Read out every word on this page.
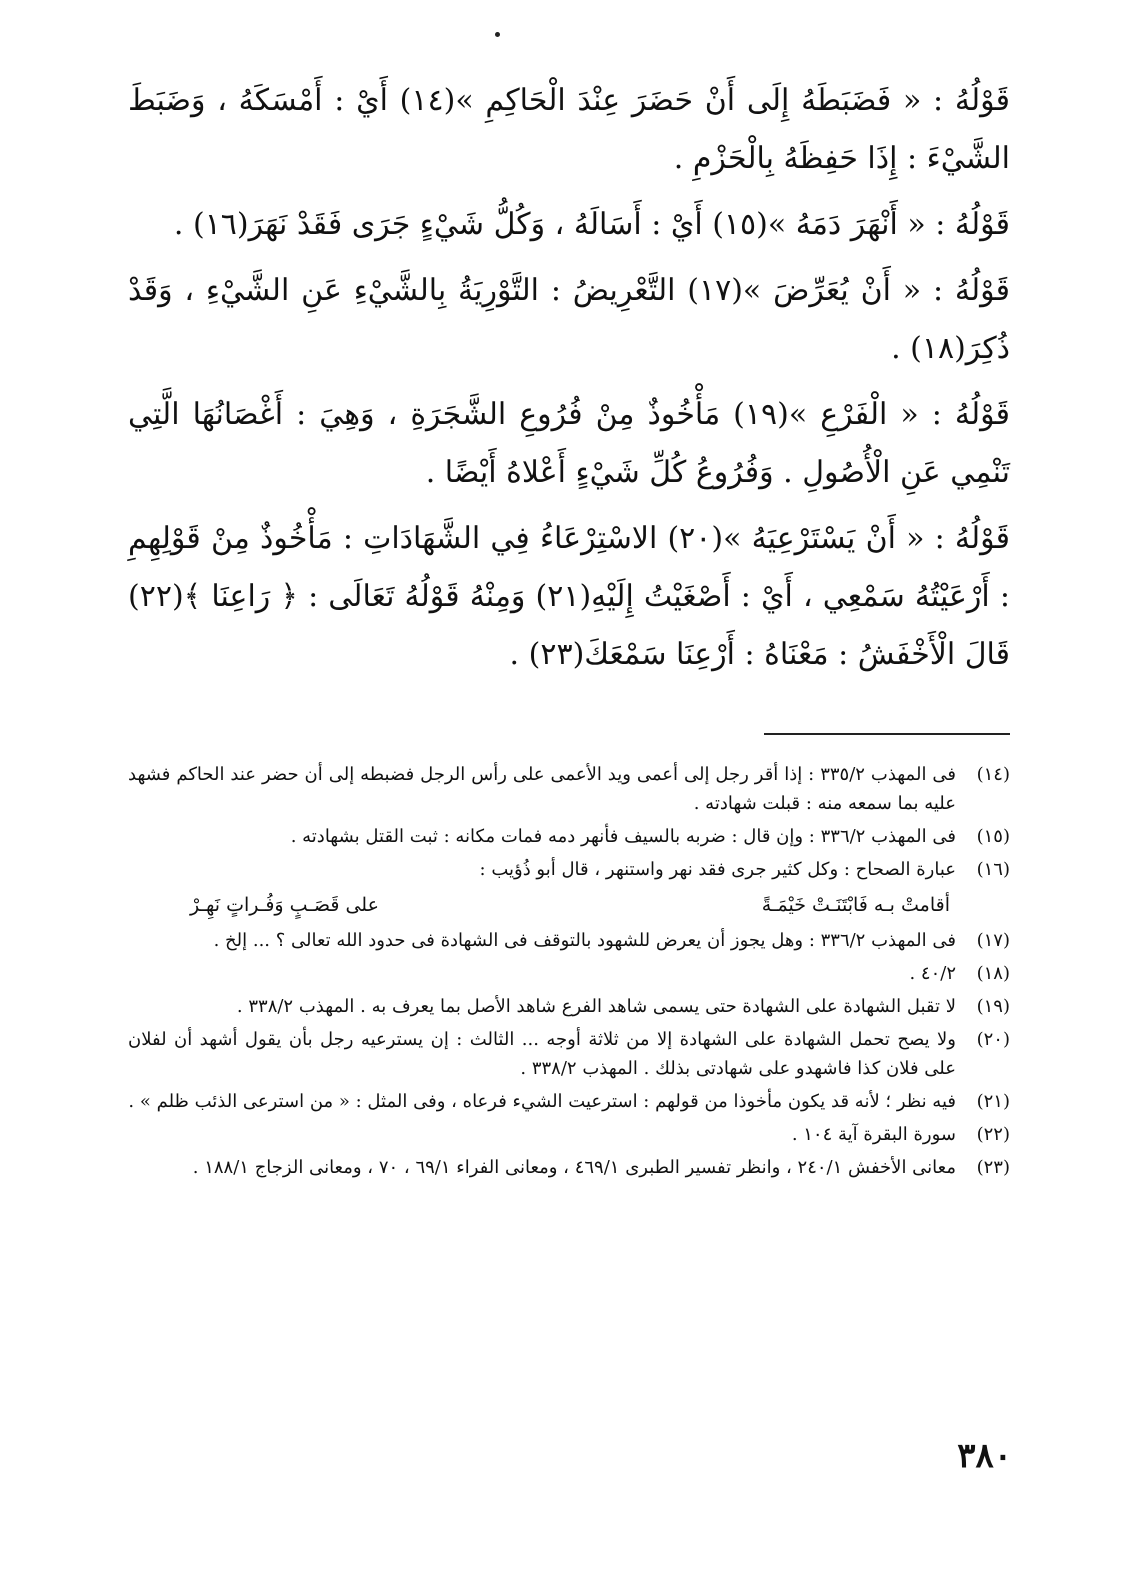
قَوْلُهُ : « فَضَبَطَهُ إِلَى أَنْ حَضَرَ عِنْدَ الْحَاكِمِ »(١٤) أَيْ : أَمْسَكَهُ ، وَضَبَطَ الشَّيْءَ : إِذَا حَفِظَهُ بِالْحَزْمِ .

قَوْلُهُ : « أَنْهَرَ دَمَهُ »(١٥) أَيْ : أَسَالَهُ ، وَكُلُّ شَيْءٍ جَرَى فَقَدْ نَهَرَ(١٦) .

قَوْلُهُ : « أَنْ يُعَرِّضَ »(١٧) التَّعْرِيضُ : التَّوْرِيَةُ بِالشَّيْءِ عَنِ الشَّيْءِ ، وَقَدْ ذُكِرَ(١٨) .

قَوْلُهُ : « الْفَرْعِ »(١٩) مَأْخُوذٌ مِنْ فُرُوعِ الشَّجَرَةِ ، وَهِيَ : أَغْصَانُهَا الَّتِي تَنْمِي عَنِ الْأُصُولِ . وَفُرُوعُ كُلِّ شَيْءٍ أَعْلاهُ أَيْضًا .

قَوْلُهُ : « أَنْ يَسْتَرْعِيَهُ »(٢٠) الاسْتِرْعَاءُ فِي الشَّهَادَاتِ : مَأْخُوذٌ مِنْ قَوْلِهِمِ : أَرْعَيْتُهُ سَمْعِي ، أَيْ : أَصْغَيْتُ إِلَيْهِ(٢١) وَمِنْهُ قَوْلُهُ تَعَالَى : ﴿ رَاعِنَا ﴾(٢٢) قَالَ الْأَخْفَشُ : مَعْنَاهُ : أَرْعِنَا سَمْعَكَ(٢٣) .

(١٤)
فى المهذب ٣٣٥/٢ : إذا أقر رجل إلى أعمى ويد الأعمى على رأس الرجل فضبطه إلى أن حضر عند الحاكم فشهد عليه بما سمعه منه : قبلت شهادته .
(١٥)
فى المهذب ٣٣٦/٢ : وإن قال : ضربه بالسيف فأنهر دمه فمات مكانه : ثبت القتل بشهادته .
(١٦)
عبارة الصحاح : وكل كثير جرى فقد نهر واستنهر ، قال أبو ذُؤيب :
أقامتْ بـه فَابْتَنَـتْ خَيْمَـةً
على قَصَـبٍ وَفُـراتٍ نَهِـرْ
(١٧)
فى المهذب ٣٣٦/٢ : وهل يجوز أن يعرض للشهود بالتوقف فى الشهادة فى حدود الله تعالى ؟ ... إلخ .
(١٨)
٤٠/٢ .
(١٩)
لا تقبل الشهادة على الشهادة حتى يسمى شاهد الفرع شاهد الأصل بما يعرف به . المهذب ٣٣٨/٢ .
(٢٠)
ولا يصح تحمل الشهادة على الشهادة إلا من ثلاثة أوجه ... الثالث : إن يسترعيه رجل بأن يقول أشهد أن لفلان على فلان كذا فاشهدو على شهادتى بذلك . المهذب ٣٣٨/٢ .
(٢١)
فيه نظر ؛ لأنه قد يكون مأخوذا من قولهم : استرعيت الشيء فرعاه ، وفى المثل : « من استرعى الذئب ظلم » .
(٢٢)
سورة البقرة آية ١٠٤ .
(٢٣)
معانى الأخفش ٢٤٠/١ ، وانظر تفسير الطبرى ٤٦٩/١ ، ومعانى الفراء ٦٩/١ ، ٧٠ ، ومعانى الزجاج ١٨٨/١ .
٣٨٠
